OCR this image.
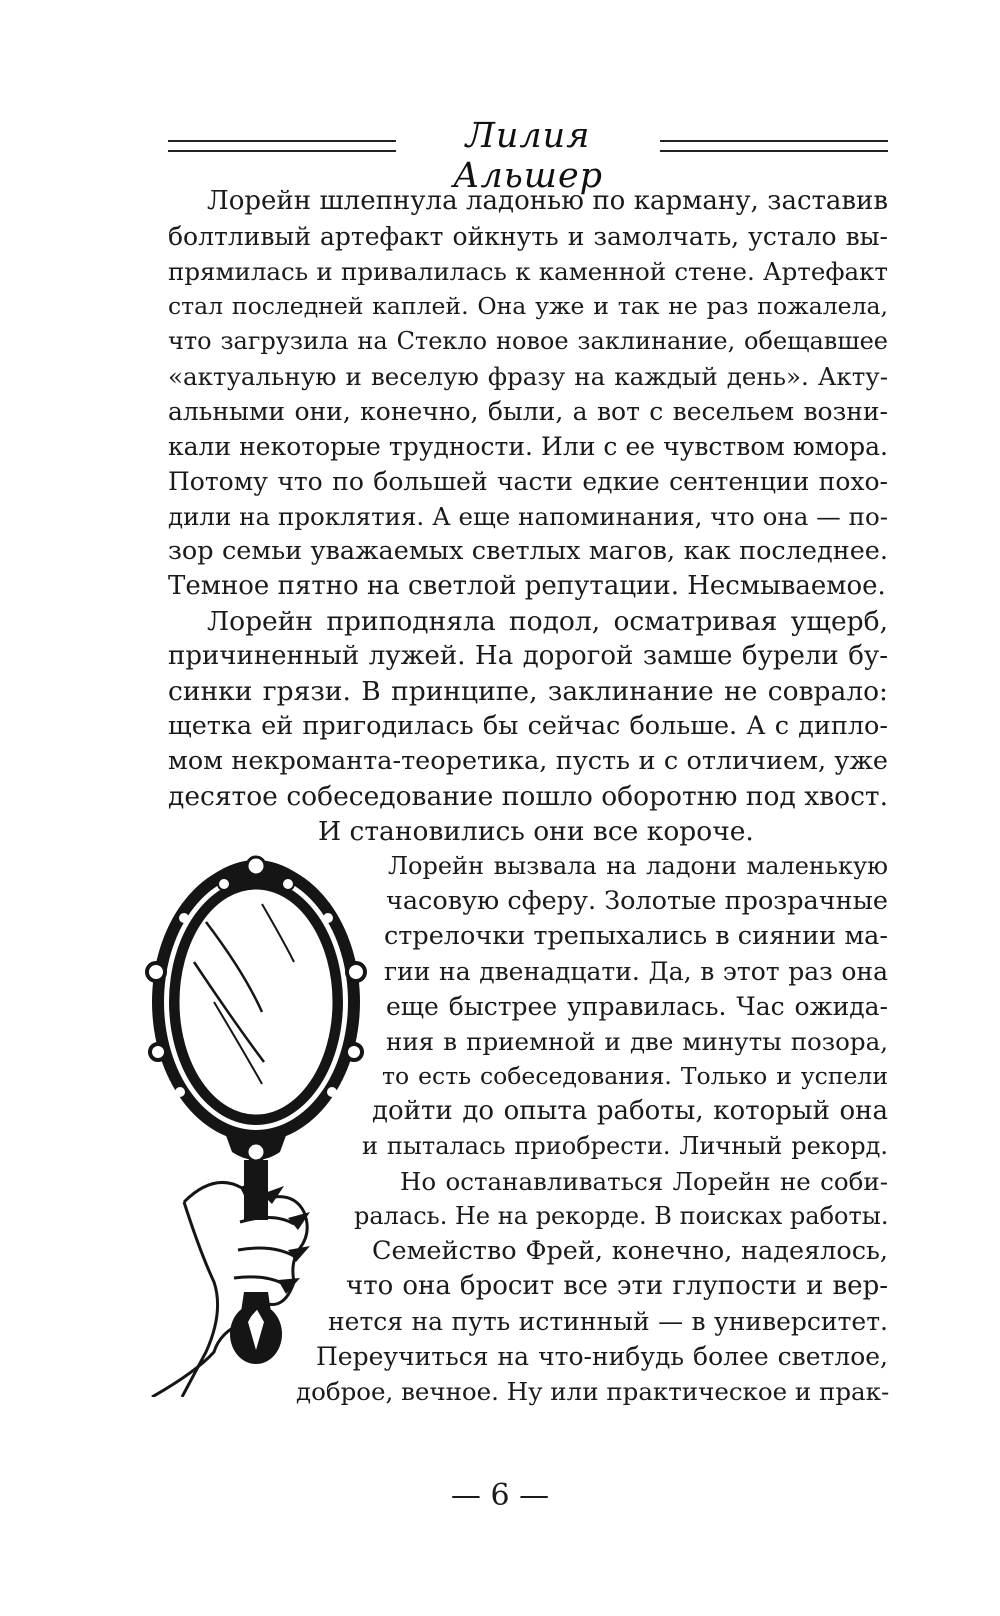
Лилия Альшер
Лорейн шлепнула ладонью по карману, заставив
болтливый артефакт ойкнуть и замолчать, устало вы-
прямилась и привалилась к каменной стене. Артефакт
стал последней каплей. Она уже и так не раз пожалела,
что загрузила на Стекло новое заклинание, обещавшее
«актуальную и веселую фразу на каждый день». Акту-
альными они, конечно, были, а вот с весельем возни-
кали некоторые трудности. Или с ее чувством юмора.
Потому что по большей части едкие сентенции похо-
дили на проклятия. А еще напоминания, что она — по-
зор семьи уважаемых светлых магов, как последнее.
Темное пятно на светлой репутации. Несмываемое.
Лорейн приподняла подол, осматривая ущерб,
причиненный лужей. На дорогой замше бурели бу-
синки грязи. В принципе, заклинание не соврало:
щетка ей пригодилась бы сейчас больше. А с дипло-
мом некроманта-теоретика, пусть и с отличием, уже
десятое собеседование пошло оборотню под хвост.
И становились они все короче.
Лорейн вызвала на ладони маленькую
часовую сферу. Золотые прозрачные
стрелочки трепыхались в сиянии ма-
гии на двенадцати. Да, в этот раз она
еще быстрее управилась. Час ожида-
ния в приемной и две минуты позора,
то есть собеседования. Только и успели
дойти до опыта работы, который она
и пыталась приобрести. Личный рекорд.
Но останавливаться Лорейн не соби-
ралась. Не на рекорде. В поисках работы.
Семейство Фрей, конечно, надеялось,
что она бросит все эти глупости и вер-
нется на путь истинный — в университет.
Переучиться на что-нибудь более светлое,
доброе, вечное. Ну или практическое и прак-
— 6 —
